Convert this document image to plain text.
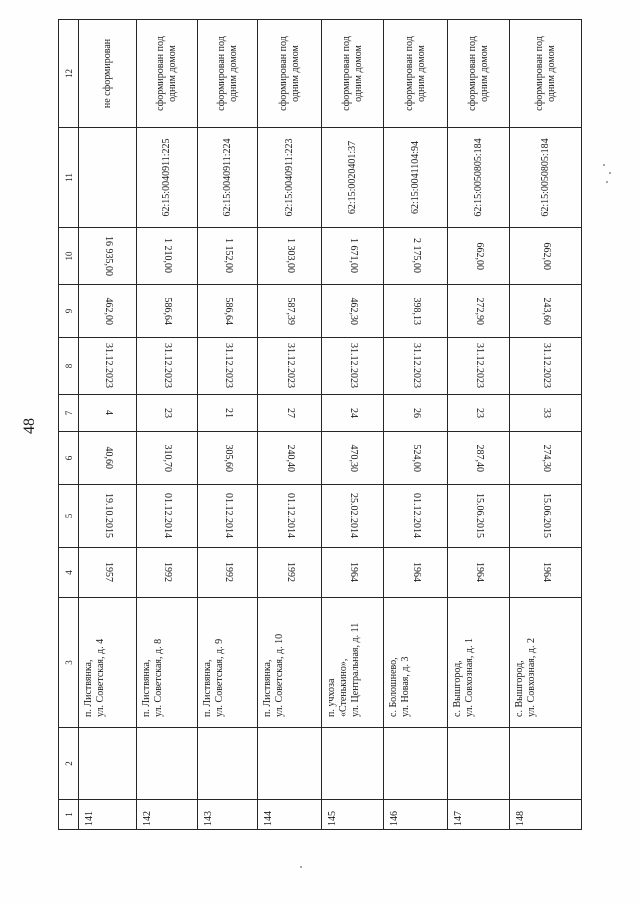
48
1	2	3	4	5	6	7	8	9	10	11	12
141		п. Листвянка, ул. Советская, д. 4	1957	19.10.2015	40,60	4	31.12.2023	462,00	16 935,00		не сформирован
142		п. Листвянка, ул. Советская, д. 8	1992	01.12.2014	310,70	23	31.12.2023	586,64	1 210,00	62:15:0040911:225	сформирован под одним домом
143		п. Листвянка, ул. Советская, д. 9	1992	01.12.2014	305,60	21	31.12.2023	586,64	1 152,00	62:15:0040911:224	сформирован под одним домом
144		п. Листвянка, ул. Советская, д. 10	1992	01.12.2014	240,40	27	31.12.2023	587,39	1 303,00	62:15:0040911:223	сформирован под одним домом
145		п. учхоза «Стенькино», ул. Центральная, д. 11	1964	25.02.2014	470,30	24	31.12.2023	462,30	1 671,00	62:15:0020401:37	сформирован под одним домом
146		с. Болошнево, ул. Новая, д. 3	1964	01.12.2014	524,00	26	31.12.2023	398,13	2 175,00	62:15:0041104:94	сформирован под одним домом
147		с. Вышгород, ул. Совхозная, д. 1	1964	15.06.2015	287,40	23	31.12.2023	272,90	662,00	62:15:0050805:184	сформирован под одним домом
148		с. Вышгород, ул. Совхозная, д. 2	1964	15.06.2015	274,30	33	31.12.2023	243,60	662,00	62:15:0050805:184	сформирован под одним домом
